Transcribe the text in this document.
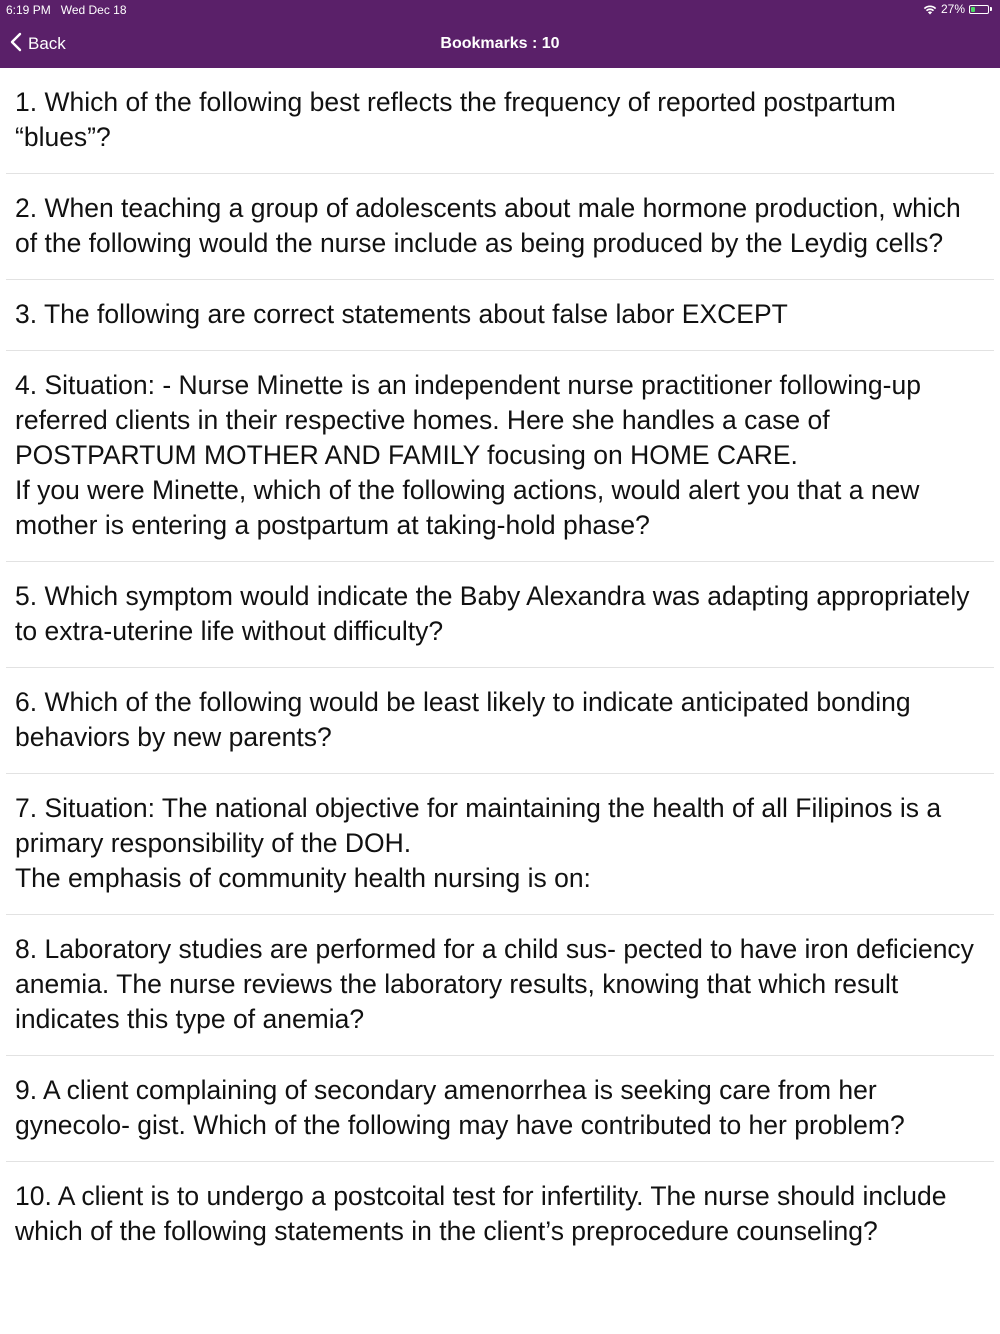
6:19 PM Wed Dec 18	27%
Back	Bookmarks : 10
1. Which of the following best reflects the frequency of reported postpartum “blues”?
2. When teaching a group of adolescents about male hormone production, which of the following would the nurse include as being produced by the Leydig cells?
3. The following are correct statements about false labor EXCEPT
4. Situation: - Nurse Minette is an independent nurse practitioner following-up referred clients in their respective homes. Here she handles a case of POSTPARTUM MOTHER AND FAMILY focusing on HOME CARE.
If you were Minette, which of the following actions, would alert you that a new mother is entering a postpartum at taking-hold phase?
5. Which symptom would indicate the Baby Alexandra was adapting appropriately to extra-uterine life without difficulty?
6. Which of the following would be least likely to indicate anticipated bonding behaviors by new parents?
7. Situation: The national objective for maintaining the health of all Filipinos is a primary responsibility of the DOH.
The emphasis of community health nursing is on:
8. Laboratory studies are performed for a child sus- pected to have iron deficiency anemia. The nurse reviews the laboratory results, knowing that which result indicates this type of anemia?
9. A client complaining of secondary amenorrhea is seeking care from her gynecolo- gist. Which of the following may have contributed to her problem?
10. A client is to undergo a postcoital test for infertility. The nurse should include which of the following statements in the client’s preprocedure counseling?
